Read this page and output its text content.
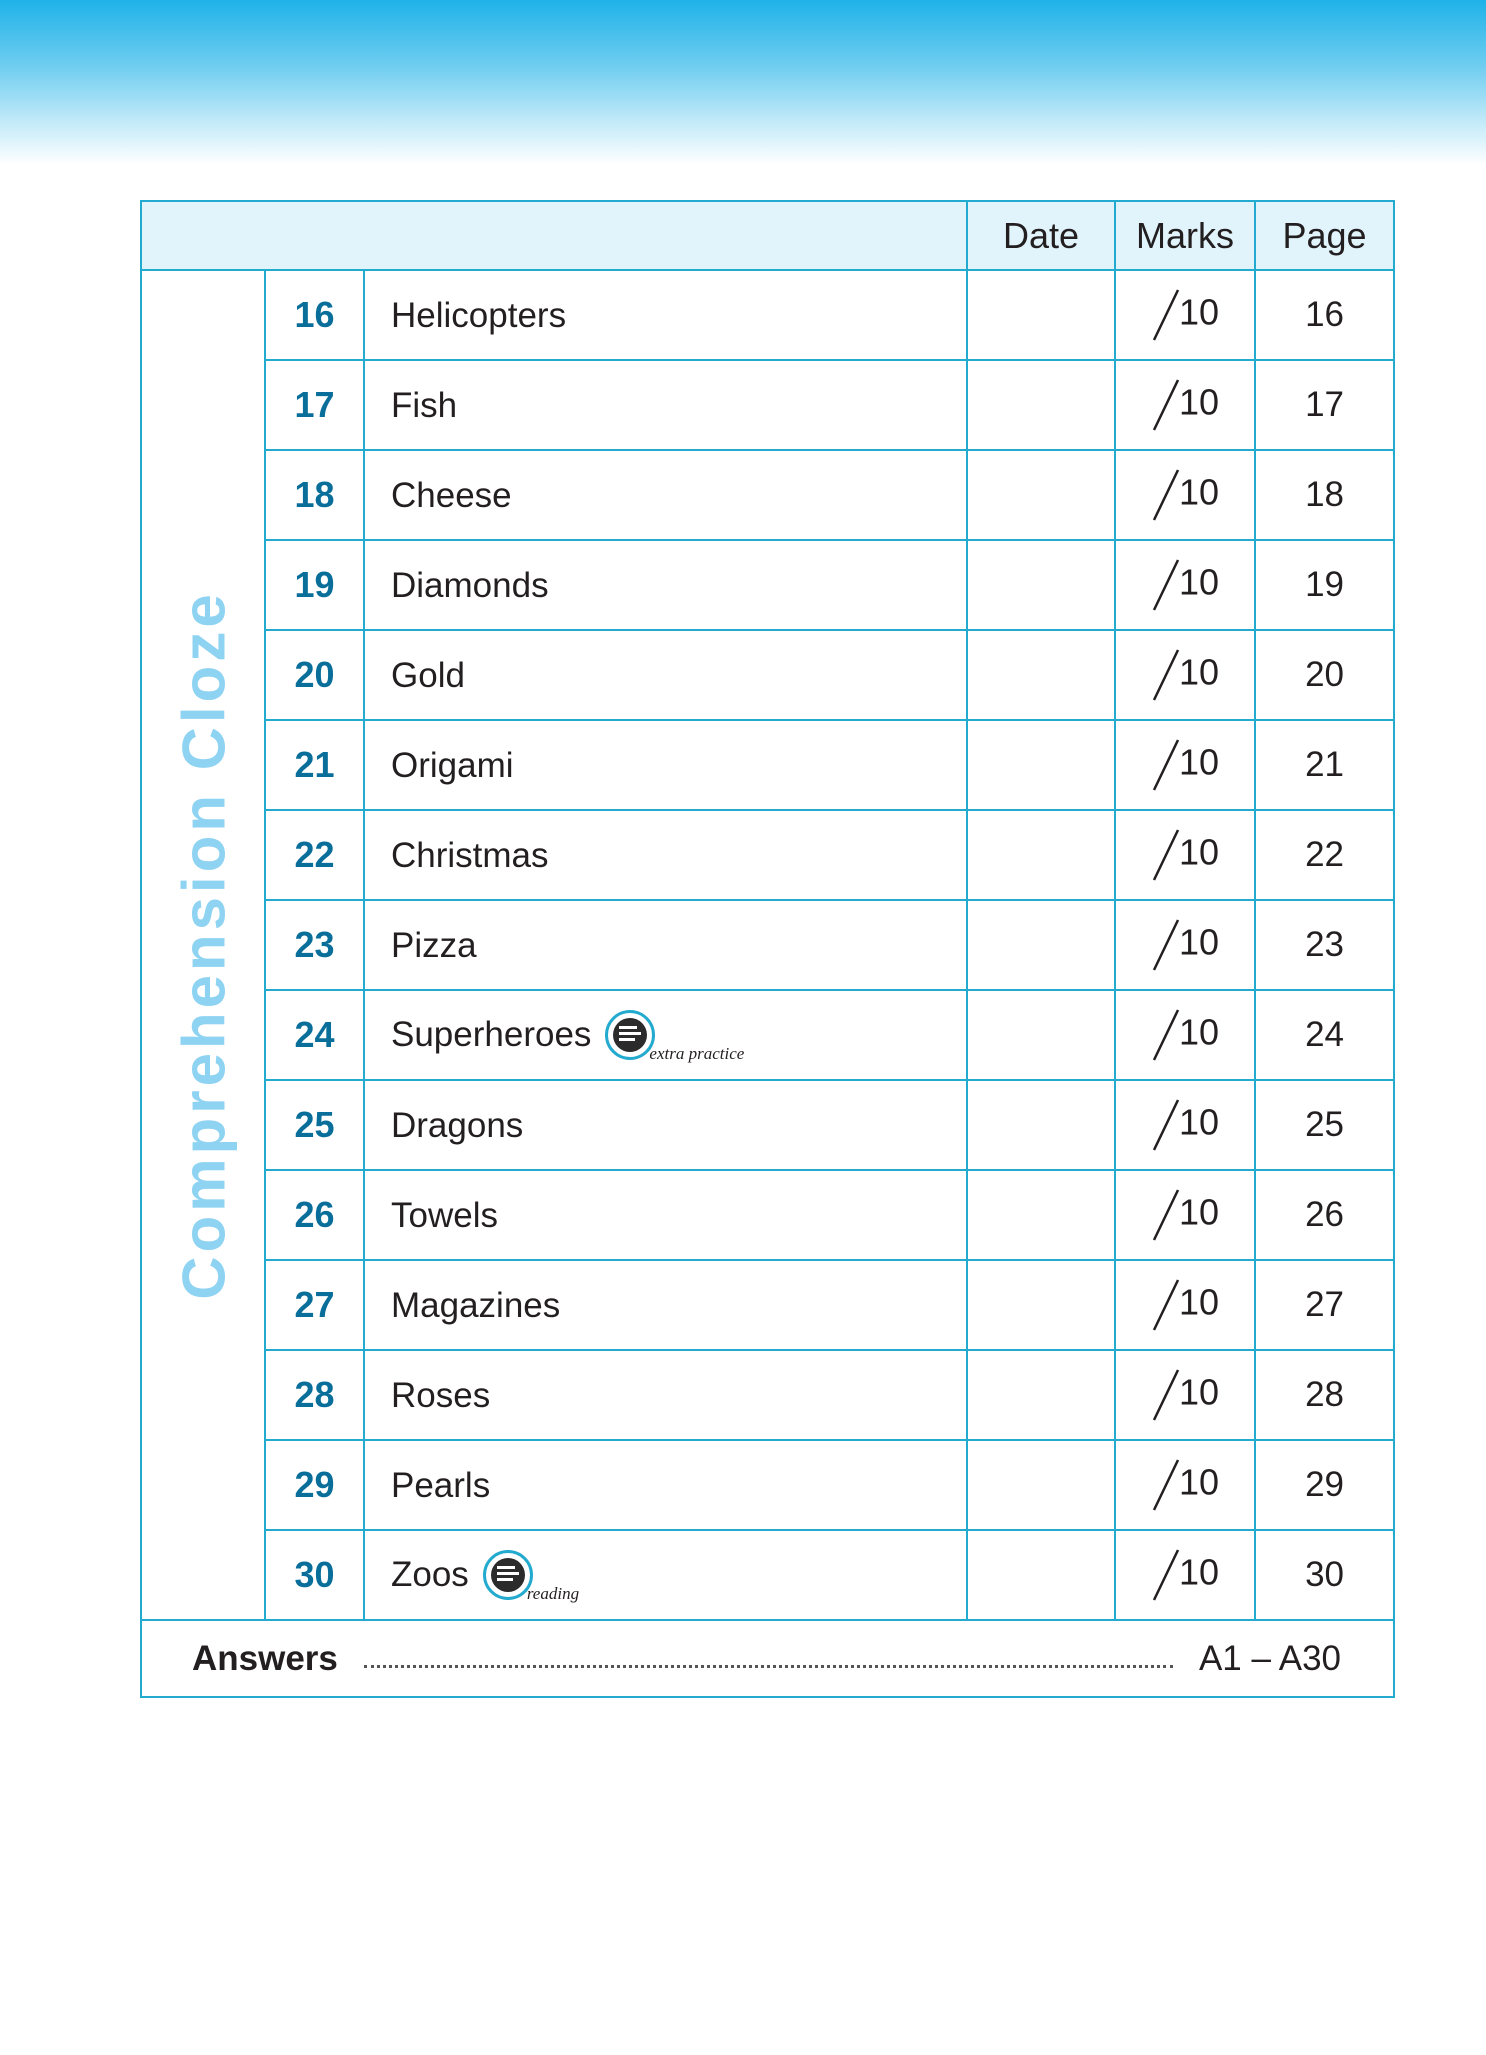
			Date	Marks	Page

Comprehension Cloze	16	Helicopters		10	16
	17	Fish		10	17
	18	Cheese		10	18
	19	Diamonds		10	19
	20	Gold		10	20
	21	Origami		10	21
	22	Christmas		10	22
	23	Pizza		10	23
	24	Superheroes extra practice		10	24
	25	Dragons		10	25
	26	Towels		10	26
	27	Magazines		10	27
	28	Roses		10	28
	29	Pearls		10	29
	30	Zoos reading		10	30

Answers A1 – A30					
